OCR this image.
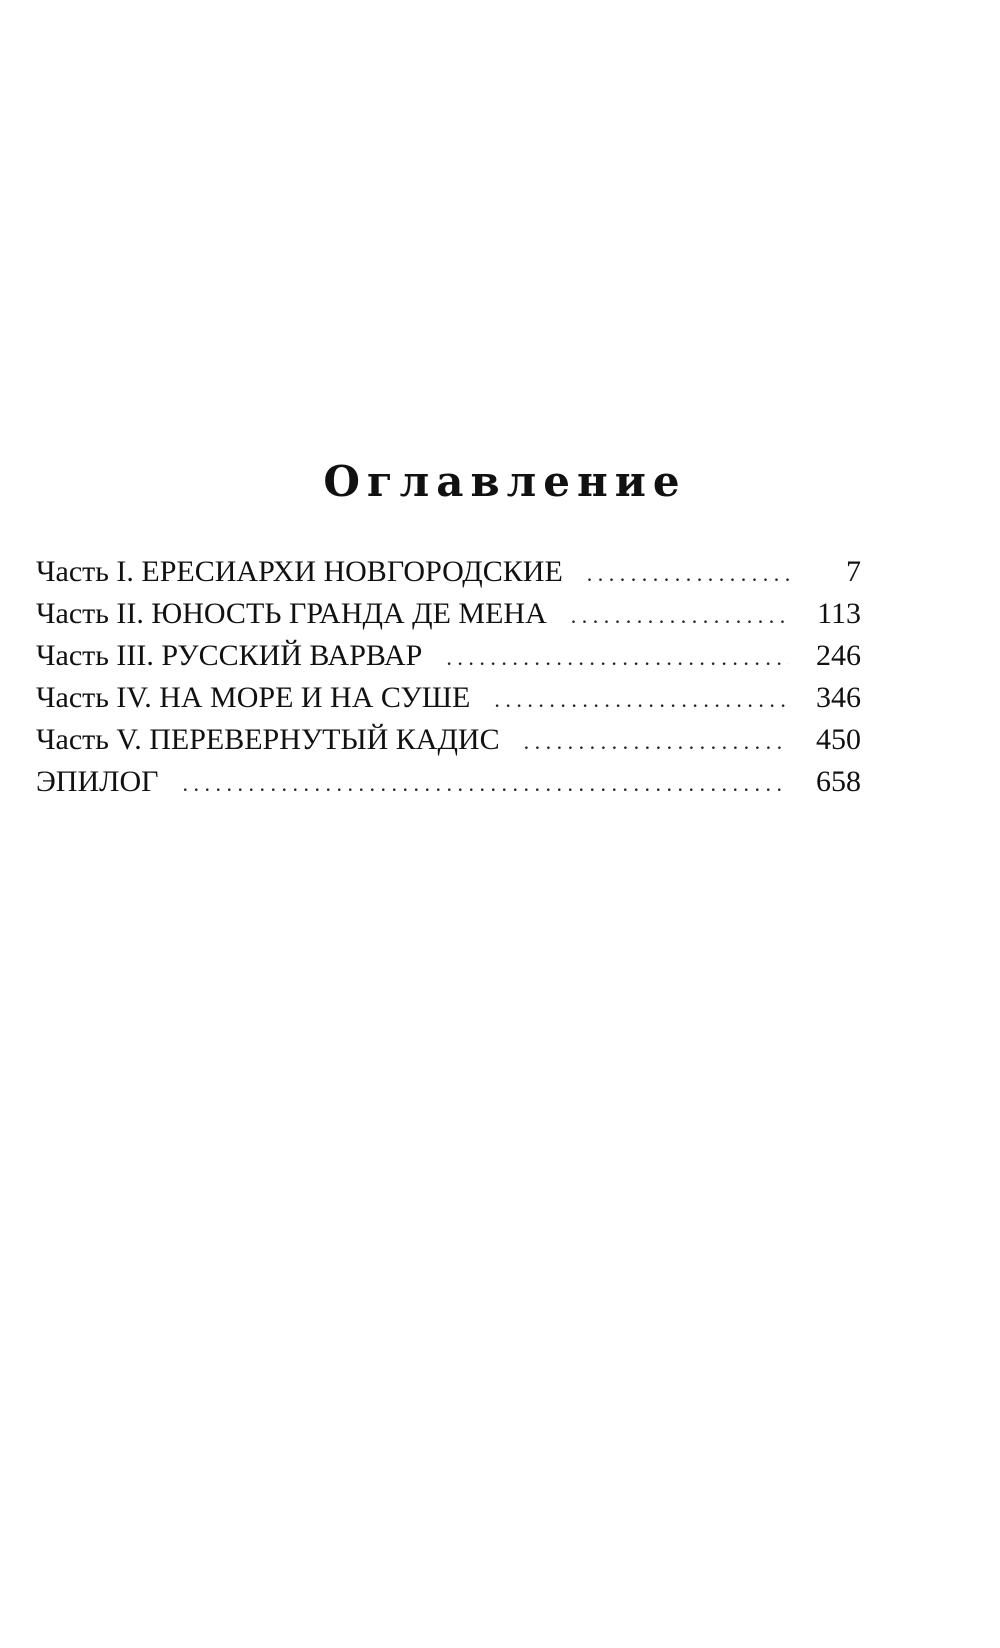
Оглавление
Часть I. ЕРЕСИАРХИ НОВГОРОДСКИЕ . . .	7
Часть II. ЮНОСТЬ ГРАНДА ДЕ МЕНА . . .	113
Часть III. РУССКИЙ ВАРВАР . . .	246
Часть IV. НА МОРЕ И НА СУШЕ . . .	346
Часть V. ПЕРЕВЕРНУТЫЙ КАДИС . . .	450
ЭПИЛОГ . . .	658
